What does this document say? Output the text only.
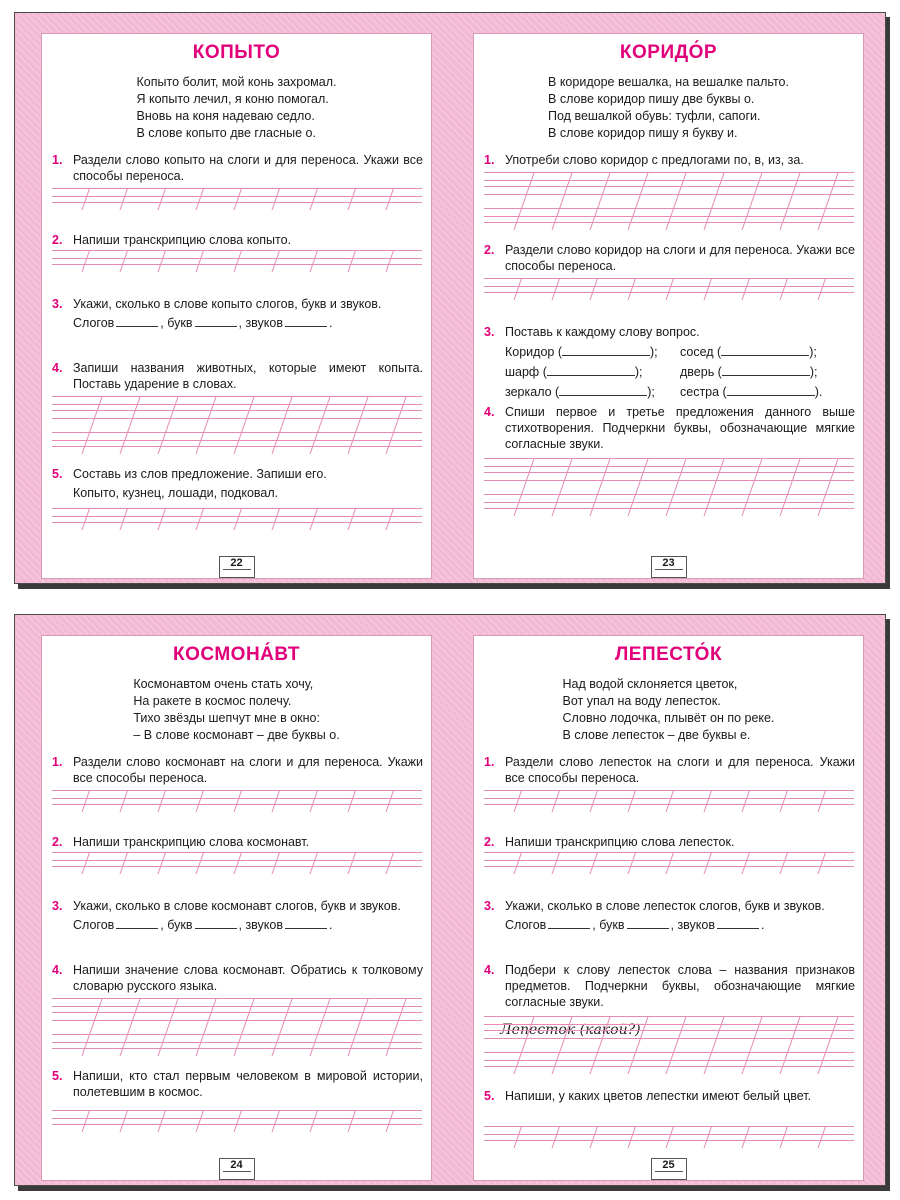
КОПЫТО
Копыто болит, мой конь захромал.
Я копыто лечил, я коню помогал.
Вновь на коня надеваю седло.
В слове копыто две гласные о.
1. Раздели слово копыто на слоги и для переноса. Укажи все способы переноса.
2. Напиши транскрипцию слова копыто.
3. Укажи, сколько в слове копыто слогов, букв и звуков.
Слогов	, букв	, звуков	.
4. Запиши названия животных, которые имеют копыта. Поставь ударение в словах.
5. Составь из слов предложение. Запиши его.
Копыто, кузнец, лошади, подковал.
22
КОРИДО́Р
В коридоре вешалка, на вешалке пальто.
В слове коридор пишу две буквы о.
Под вешалкой обувь: туфли, сапоги.
В слове коридор пишу я букву и.
1. Употреби слово коридор с предлогами по, в, из, за.
2. Раздели слово коридор на слоги и для переноса. Укажи все способы переноса.
3. Поставь к каждому слову вопрос.
Коридор (	);	сосед (	);
шарф (	);	дверь (	);
зеркало (	);	сестра (	).
4. Спиши первое и третье предложения данного выше стихотворения. Подчеркни буквы, обозначающие мягкие согласные звуки.
23
КОСМОНА́ВТ
Космонавтом очень стать хочу,
На ракете в космос полечу.
Тихо звёзды шепчут мне в окно:
– В слове космонавт – две буквы о.
1. Раздели слово космонавт на слоги и для переноса. Укажи все способы переноса.
2. Напиши транскрипцию слова космонавт.
3. Укажи, сколько в слове космонавт слогов, букв и звуков.
Слогов	, букв	, звуков	.
4. Напиши значение слова космонавт. Обратись к толковому словарю русского языка.
5. Напиши, кто стал первым человеком в мировой истории, полетевшим в космос.
24
ЛЕПЕСТО́К
Над водой склоняется цветок,
Вот упал на воду лепесток.
Словно лодочка, плывёт он по реке.
В слове лепесток – две буквы е.
1. Раздели слово лепесток на слоги и для переноса. Укажи все способы переноса.
2. Напиши транскрипцию слова лепесток.
3. Укажи, сколько в слове лепесток слогов, букв и звуков.
Слогов	, букв	, звуков	.
4. Подбери к слову лепесток слова – названия признаков предметов. Подчеркни буквы, обозначающие мягкие согласные звуки.
Лепесток (какой?)
5. Напиши, у каких цветов лепестки имеют белый цвет.
25
